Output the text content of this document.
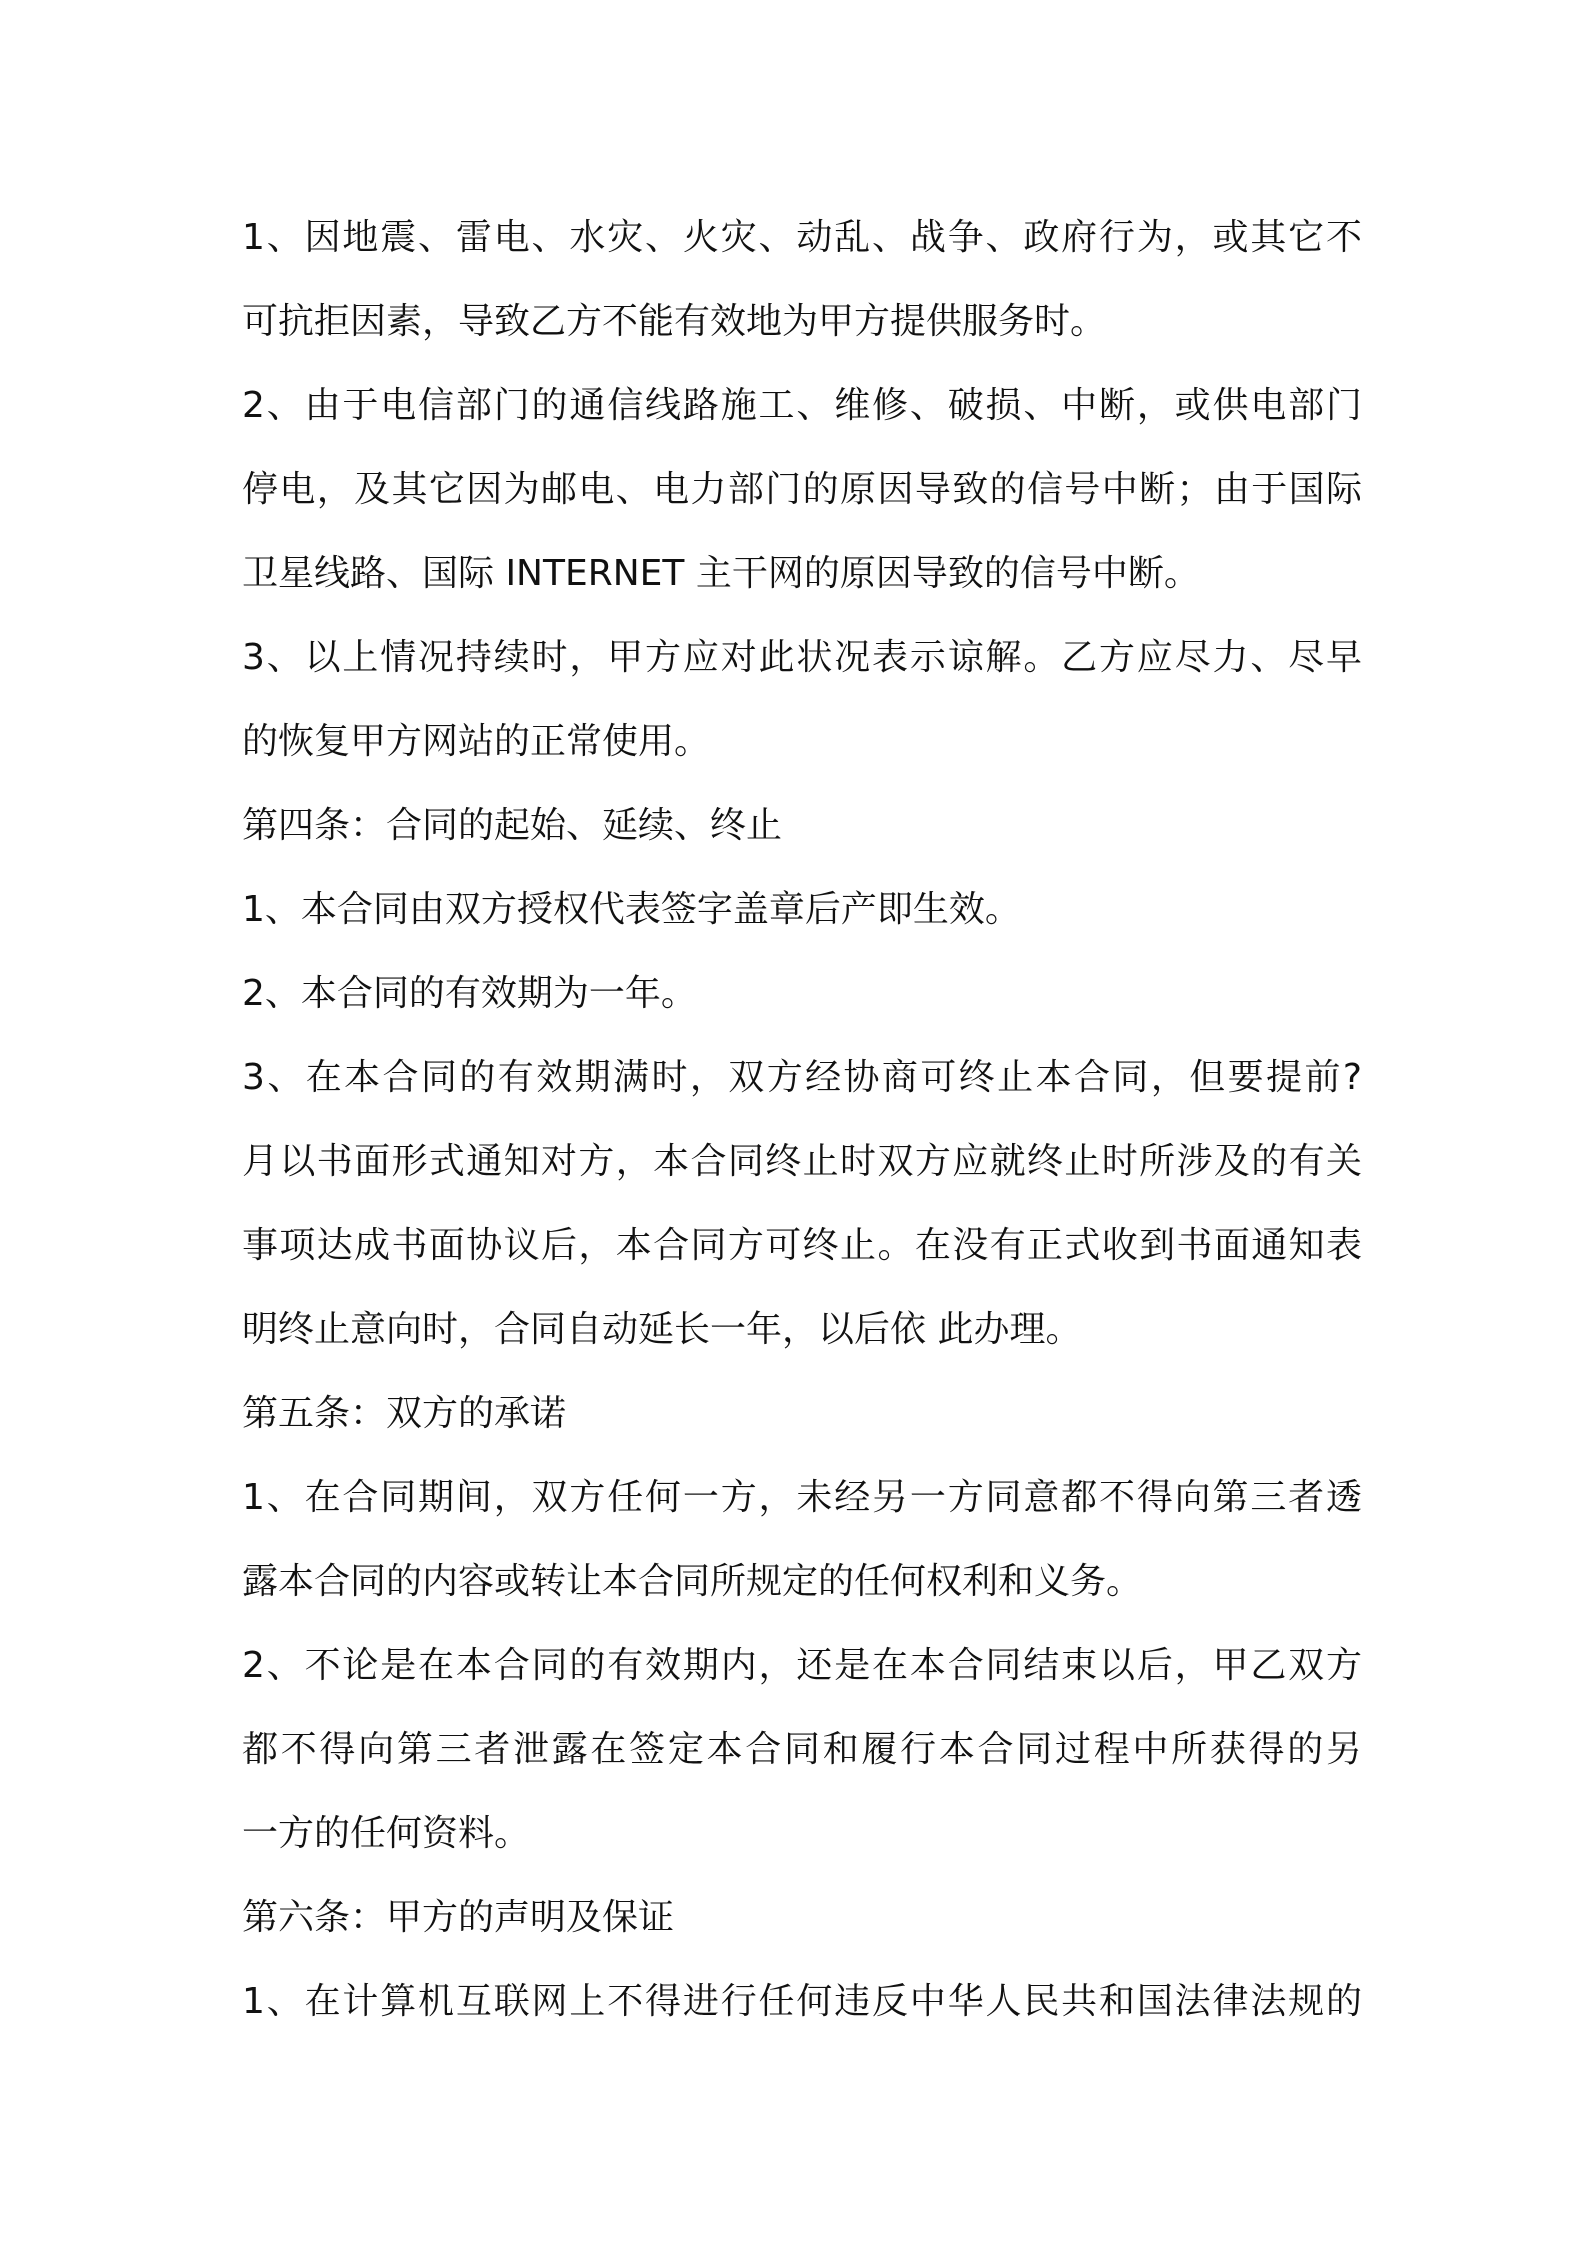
1、因地震、雷电、水灾、火灾、动乱、战争、政府行为，或其它不
可抗拒因素，导致乙方不能有效地为甲方提供服务时。
2、由于电信部门的通信线路施工、维修、破损、中断，或供电部门
停电，及其它因为邮电、电力部门的原因导致的信号中断；由于国际
卫星线路、国际 INTERNET 主干网的原因导致的信号中断。
3、以上情况持续时，甲方应对此状况表示谅解。乙方应尽力、尽早
的恢复甲方网站的正常使用。
第四条：合同的起始、延续、终止
1、本合同由双方授权代表签字盖章后产即生效。
2、本合同的有效期为一年。
3、在本合同的有效期满时，双方经协商可终止本合同，但要提前?
月以书面形式通知对方，本合同终止时双方应就终止时所涉及的有关
事项达成书面协议后，本合同方可终止。在没有正式收到书面通知表
明终止意向时，合同自动延长一年，以后依 此办理。
第五条：双方的承诺
1、在合同期间，双方任何一方，未经另一方同意都不得向第三者透
露本合同的内容或转让本合同所规定的任何权利和义务。
2、不论是在本合同的有效期内，还是在本合同结束以后，甲乙双方
都不得向第三者泄露在签定本合同和履行本合同过程中所获得的另
一方的任何资料。
第六条：甲方的声明及保证
1、在计算机互联网上不得进行任何违反中华人民共和国法律法规的
